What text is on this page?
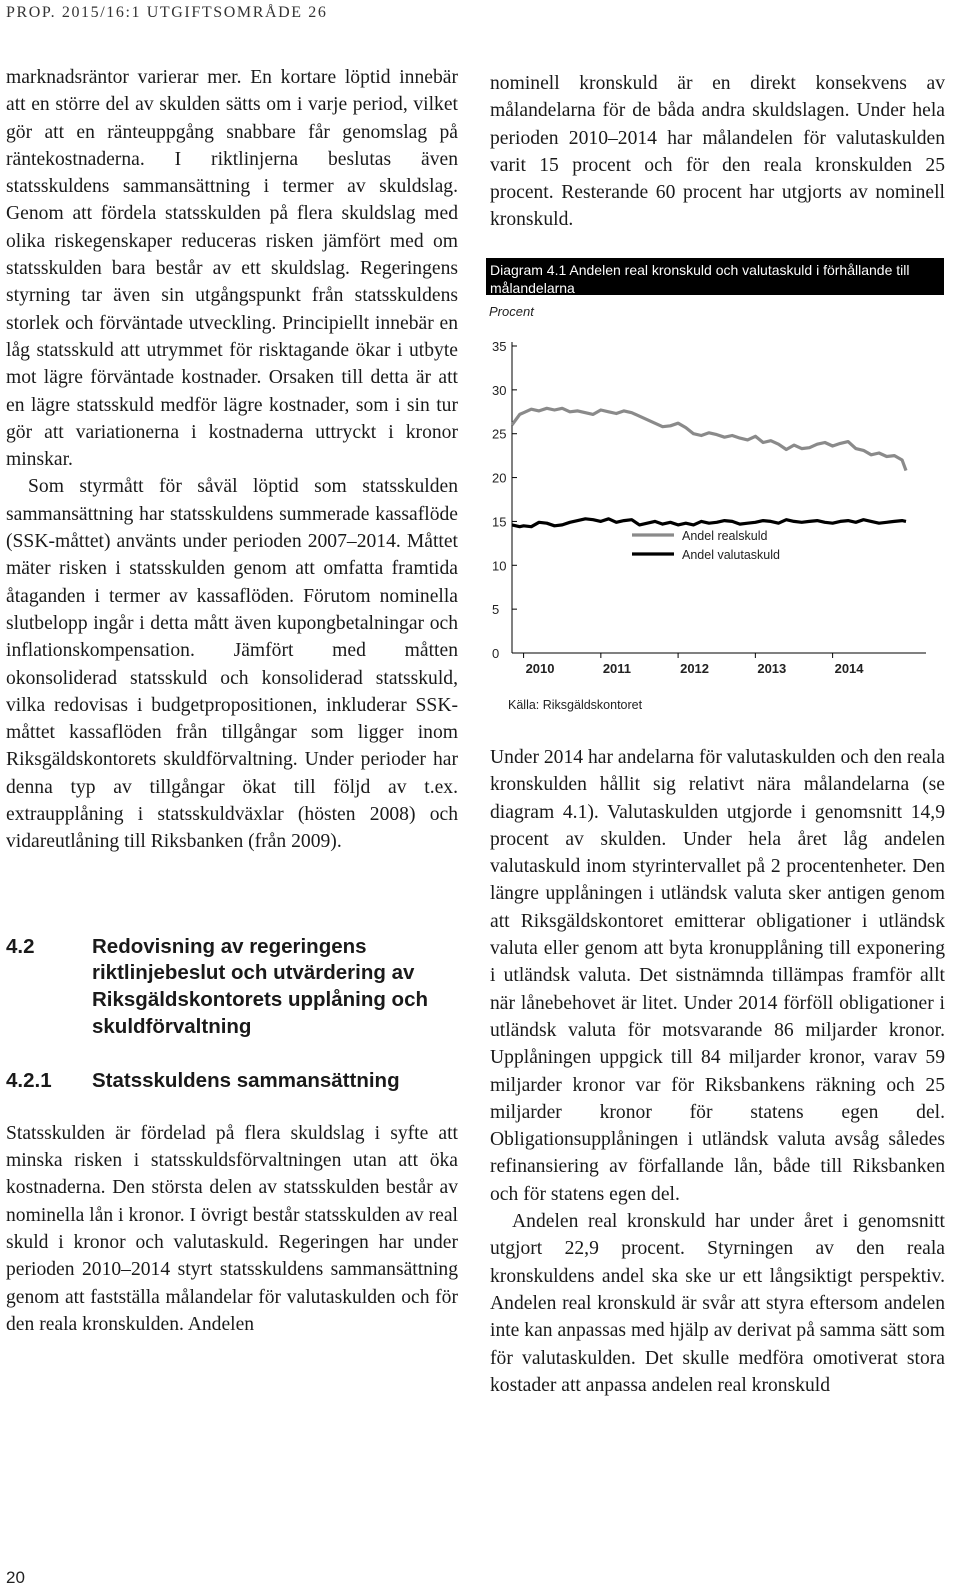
PROP. 2015/16:1 UTGIFTSOMRÅDE 26

marknadsräntor varierar mer. En kortare löptid innebär att en större del av skulden sätts om i varje period, vilket gör att en ränteuppgång snabbare får genomslag på räntekostnaderna. I riktlinjerna beslutas även statsskuldens sammansättning i termer av skuldslag. Genom att fördela statsskulden på flera skuldslag med olika riskegenskaper reduceras risken jämfört med om statsskulden bara består av ett skuldslag. Regeringens styrning tar även sin utgångspunkt från statsskuldens storlek och förväntade utveckling. Principiellt innebär en låg statsskuld att utrymmet för risktagande ökar i utbyte mot lägre förväntade kostnader. Orsaken till detta är att en lägre statsskuld medför lägre kostnader, som i sin tur gör att variationerna i kostnaderna uttryckt i kronor minskar.

Som styrmått för såväl löptid som statsskulden sammansättning har statsskuldens summerade kassaflöde (SSK-måttet) använts under perioden 2007–2014. Måttet mäter risken i statsskulden genom att omfatta framtida åtaganden i termer av kassaflöden. Förutom nominella slutbelopp ingår i detta mått även kupongbetalningar och inflationskompensation. Jämfört med måtten okonsoliderad statsskuld och konsoliderad statsskuld, vilka redovisas i budgetpropositionen, inkluderar SSK-måttet kassaflöden från tillgångar som ligger inom Riksgäldskontorets skuldförvaltning. Under perioder har denna typ av tillgångar ökat till följd av t.ex. extraupplåning i statsskuldväxlar (hösten 2008) och vidareutlåning till Riksbanken (från 2009).

4.2	Redovisning av regeringens riktlinjebeslut och utvärdering av Riksgäldskontorets upplåning och skuldförvaltning
4.2.1	Statsskuldens sammansättning

Statsskulden är fördelad på flera skuldslag i syfte att minska risken i statsskuldsförvaltningen utan att öka kostnaderna. Den största delen av statsskulden består av nominella lån i kronor. I övrigt består statsskulden av real skuld i kronor och valutaskuld. Regeringen har under perioden 2010–2014 styrt statsskuldens sammansättning genom att fastställa målandelar för valutaskulden och för den reala kronskulden. Andelen

nominell kronskuld är en direkt konsekvens av målandelarna för de båda andra skuldslagen. Under hela perioden 2010–2014 har målandelen för valutaskulden varit 15 procent och för den reala kronskulden 25 procent. Resterande 60 procent har utgjorts av nominell kronskuld.

Diagram 4.1 Andelen real kronskuld och valutaskuld i förhållande till målandelarna
Procent
0
5
10
15
20
25
30
35
2010	2011	2012	2013	2014
Andel realskuld
Andel valutaskuld
Källa: Riksgäldskontoret

Under 2014 har andelarna för valutaskulden och den reala kronskulden hållit sig relativt nära målandelarna (se diagram 4.1). Valutaskulden utgjorde i genomsnitt 14,9 procent av skulden. Under hela året låg andelen valutaskuld inom styrintervallet på 2 procentenheter. Den längre upplåningen i utländsk valuta sker antigen genom att Riksgäldskontoret emitterar obligationer i utländsk valuta eller genom att byta kronupplåning till exponering i utländsk valuta. Det sistnämnda tillämpas framför allt när lånebehovet är litet. Under 2014 förföll obligationer i utländsk valuta för motsvarande 86 miljarder kronor. Upplåningen uppgick till 84 miljarder kronor, varav 59 miljarder kronor var för Riksbankens räkning och 25 miljarder kronor för statens egen del. Obligationsupplåningen i utländsk valuta avsåg således refinansiering av förfallande lån, både till Riksbanken och för statens egen del.

Andelen real kronskuld har under året i genomsnitt utgjort 22,9 procent. Styrningen av den reala kronskuldens andel ska ske ur ett långsiktigt perspektiv. Andelen real kronskuld är svår att styra eftersom andelen inte kan anpassas med hjälp av derivat på samma sätt som för valutaskulden. Det skulle medföra omotiverat stora kostader att anpassa andelen real kronskuld

20
